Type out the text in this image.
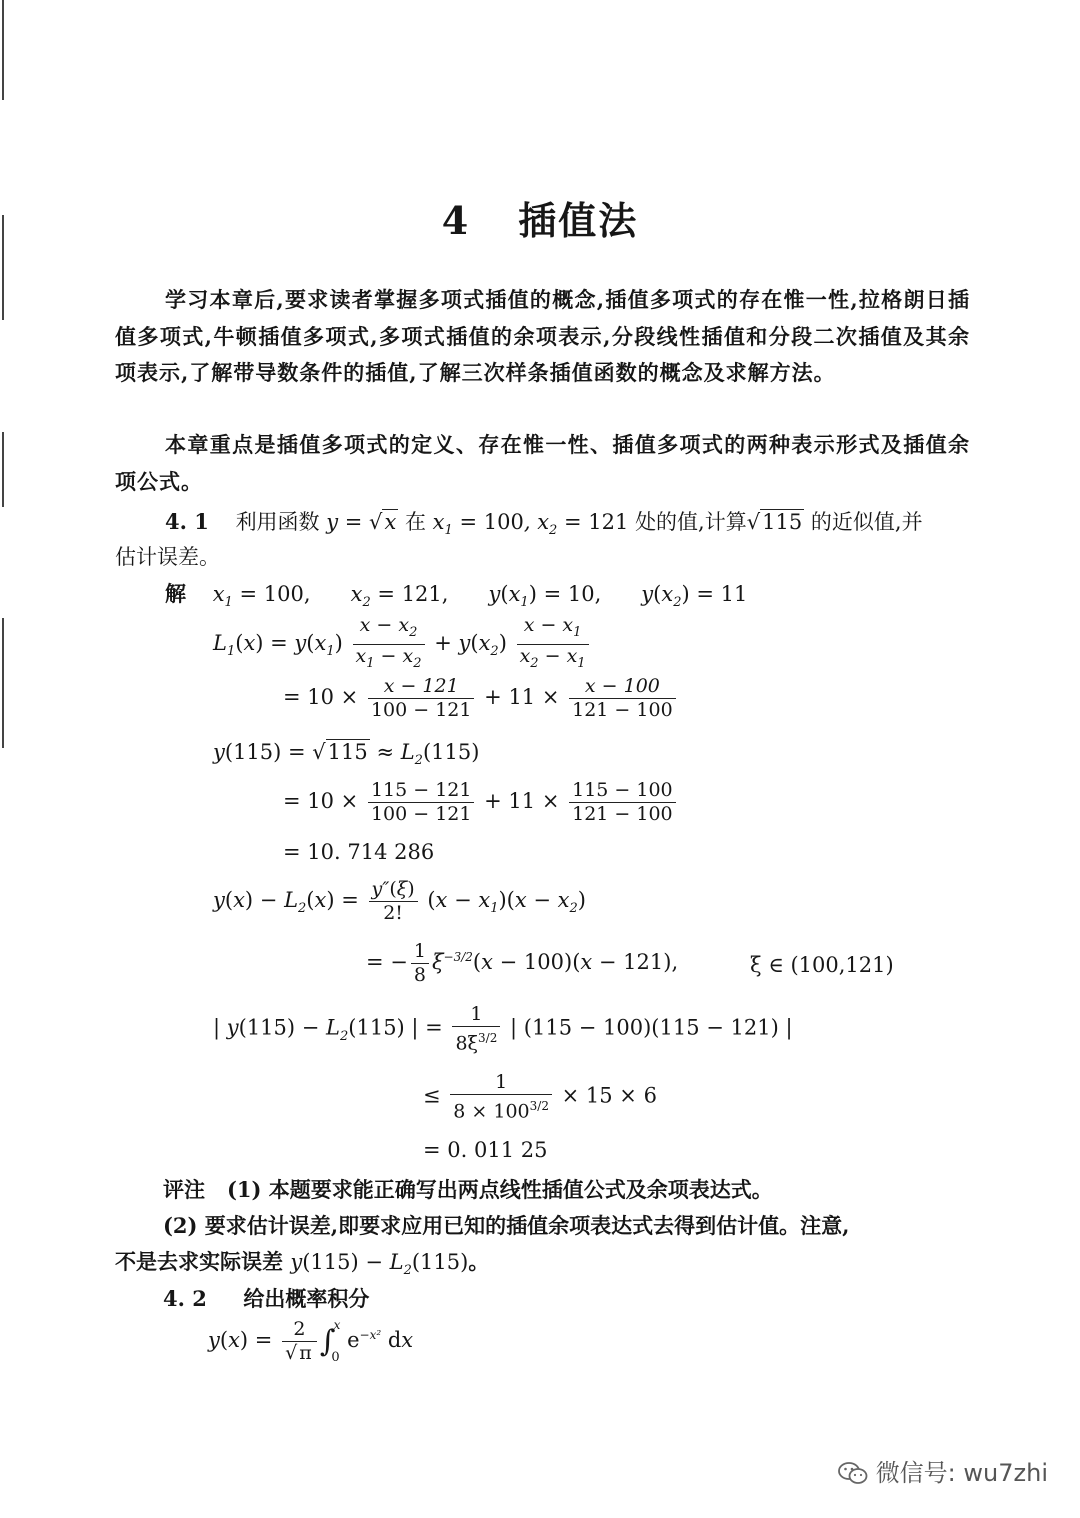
4 插值法
学习本章后,要求读者掌握多项式插值的概念,插值多项式的存在惟一性,拉格朗日插值多项式,牛顿插值多项式,多项式插值的余项表示,分段线性插值和分段二次插值及其余项表示,了解带导数条件的插值,了解三次样条插值函数的概念及求解方法。
本章重点是插值多项式的定义、存在惟一性、插值多项式的两种表示形式及插值余项公式。
4. 1 利用函数 y = √x 在 $x_1 = 100$, $x_2 = 121$ 处的值,计算√115 的近似值,并
估计误差。
解 $x_1 = 100$,      $x_2 = 121$,      $y(x_1) = 10$,      $y(x_2) = 11$
$L_1(x) = y(x_1) \frac{x - x_2}{x_1 - x_2} + y(x_2) \frac{x - x_1}{x_2 - x_1}$
= $10 \times \frac{x - 121}{100 - 121} + 11 \times \frac{x - 100}{121 - 100}$
$y(115) = √115 \approx L_2(115)$
= $10 \times \frac{115 - 121}{100 - 121} + 11 \times \frac{115 - 100}{121 - 100}$
= 10. 714 286
$y(x) - L_2(x) = \frac{y''(\xi)}{2!} (x - x_1)(x - x_2)$
= − $\frac{1}{8} \xi^{-3/2}(x - 100)(x - 121)$,	ξ ∈ (100,121)
| $y(115) - L_2(115)$ | = $\frac{1}{8\xi^{3/2}}$ | (115 − 100)(115 − 121) |
≤ $\frac{1}{8 \times 100^{3/2}} \times 15 \times 6$
= 0. 011 25
评注 (1) 本题要求能正确写出两点线性插值公式及余项表达式。
(2) 要求估计误差,即要求应用已知的插值余项表达式去得到估计值。注意,
不是去求实际误差 $y(115) - L_2(115)$。
4. 2 给出概率积分
$y(x) = \frac{2}{√ \pi} \int_0^x$ $e^{-x^2}$ dx
微信号: wu7zhi
